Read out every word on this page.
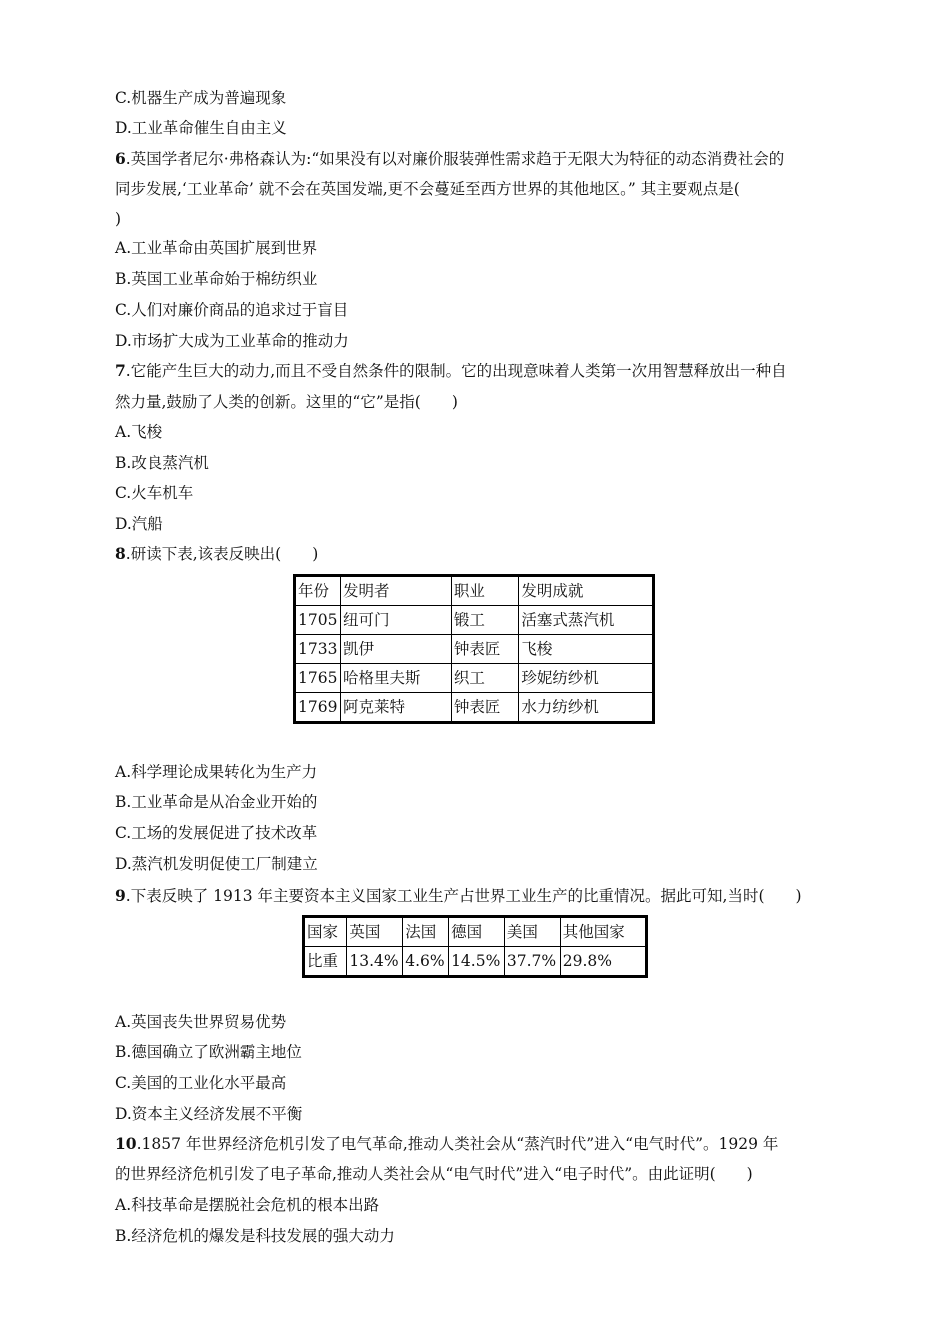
C.机器生产成为普遍现象
D.工业革命催生自由主义
6.英国学者尼尔·弗格森认为:“如果没有以对廉价服装弹性需求趋于无限大为特征的动态消费社会的
同步发展,‘工业革命’ 就不会在英国发端,更不会蔓延至西方世界的其他地区。” 其主要观点是(
)
A.工业革命由英国扩展到世界
B.英国工业革命始于棉纺织业
C.人们对廉价商品的追求过于盲目
D.市场扩大成为工业革命的推动力
7.它能产生巨大的动力,而且不受自然条件的限制。它的出现意味着人类第一次用智慧释放出一种自
然力量,鼓励了人类的创新。这里的“它”是指(　　)
A.飞梭
B.改良蒸汽机
C.火车机车
D.汽船
8.研读下表,该表反映出(　　)
年份	发明者	职业	发明成就
1705	纽可门	锻工	活塞式蒸汽机
1733	凯伊	钟表匠	飞梭
1765	哈格里夫斯	织工	珍妮纺纱机
1769	阿克莱特	钟表匠	水力纺纱机
A.科学理论成果转化为生产力
B.工业革命是从冶金业开始的
C.工场的发展促进了技术改革
D.蒸汽机发明促使工厂制建立
9.下表反映了 1913 年主要资本主义国家工业生产占世界工业生产的比重情况。据此可知,当时(　　)
国家	英国	法国	德国	美国	其他国家
比重	13.4%	4.6%	14.5%	37.7%	29.8%
A.英国丧失世界贸易优势
B.德国确立了欧洲霸主地位
C.美国的工业化水平最高
D.资本主义经济发展不平衡
10.1857 年世界经济危机引发了电气革命,推动人类社会从“蒸汽时代”进入“电气时代”。1929 年
的世界经济危机引发了电子革命,推动人类社会从“电气时代”进入“电子时代”。由此证明(　　)
A.科技革命是摆脱社会危机的根本出路
B.经济危机的爆发是科技发展的强大动力
